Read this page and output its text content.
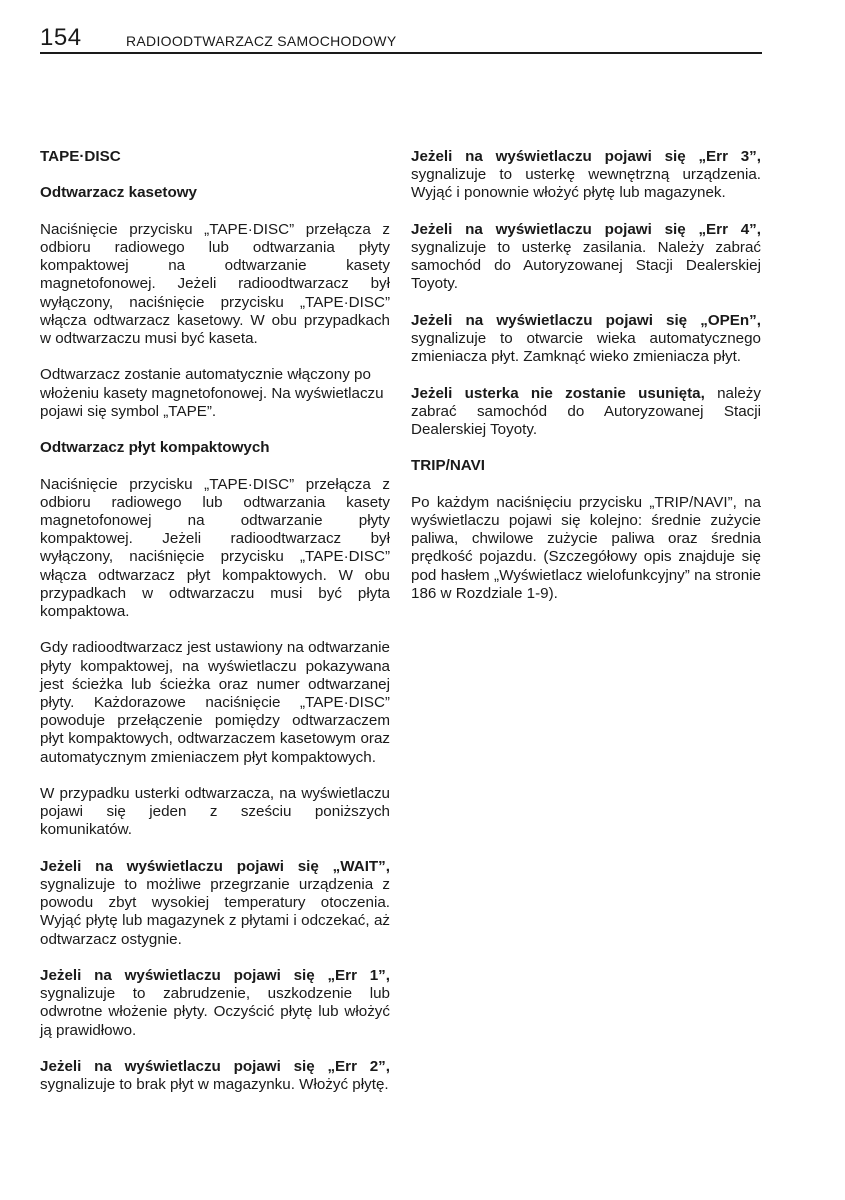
154	RADIOODTWARZACZ SAMOCHODOWY
TAPE·DISC
Odtwarzacz kasetowy

Naciśnięcie przycisku „TAPE·DISC” przełącza z odbioru radiowego lub odtwarzania płyty kompaktowej na odtwarzanie kasety magnetofonowej. Jeżeli radioodtwarzacz był wyłączony, naciśnięcie przycisku „TAPE·DISC” włącza odtwarzacz kasetowy. W obu przypadkach w odtwarzaczu musi być kaseta.

Odtwarzacz zostanie automatycznie włączony po włożeniu kasety magnetofonowej. Na wyświetlaczu pojawi się symbol „TAPE”.

Odtwarzacz płyt kompaktowych

Naciśnięcie przycisku „TAPE·DISC” przełącza z odbioru radiowego lub odtwarzania kasety magnetofonowej na odtwarzanie płyty kompaktowej. Jeżeli radioodtwarzacz był wyłączony, naciśnięcie przycisku „TAPE·DISC” włącza odtwarzacz płyt kompaktowych. W obu przypadkach w odtwarzaczu musi być płyta kompaktowa.

Gdy radioodtwarzacz jest ustawiony na odtwarzanie płyty kompaktowej, na wyświetlaczu pokazywana jest ścieżka lub ścieżka oraz numer odtwarzanej płyty. Każdorazowe naciśnięcie „TAPE·DISC” powoduje przełączenie pomiędzy odtwarzaczem płyt kompaktowych, odtwarzaczem kasetowym oraz automatycznym zmieniaczem płyt kompaktowych.

W przypadku usterki odtwarzacza, na wyświetlaczu pojawi się jeden z sześciu poniższych komunikatów.

Jeżeli na wyświetlaczu pojawi się „WAIT”, sygnalizuje to możliwe przegrzanie urządzenia z powodu zbyt wysokiej temperatury otoczenia. Wyjąć płytę lub magazynek z płytami i odczekać, aż odtwarzacz ostygnie.

Jeżeli na wyświetlaczu pojawi się „Err 1”, sygnalizuje to zabrudzenie, uszkodzenie lub odwrotne włożenie płyty. Oczyścić płytę lub włożyć ją prawidłowo.

Jeżeli na wyświetlaczu pojawi się „Err 2”, sygnalizuje to brak płyt w magazynku. Włożyć płytę.

Jeżeli na wyświetlaczu pojawi się „Err 3”, sygnalizuje to usterkę wewnętrzną urządzenia. Wyjąć i ponownie włożyć płytę lub magazynek.

Jeżeli na wyświetlaczu pojawi się „Err 4”, sygnalizuje to usterkę zasilania. Należy zabrać samochód do Autoryzowanej Stacji Dealerskiej Toyoty.

Jeżeli na wyświetlaczu pojawi się „OPEn”, sygnalizuje to otwarcie wieka automatycznego zmieniacza płyt. Zamknąć wieko zmieniacza płyt.

Jeżeli usterka nie zostanie usunięta, należy zabrać samochód do Autoryzowanej Stacji Dealerskiej Toyoty.

TRIP/NAVI

Po każdym naciśnięciu przycisku „TRIP/NAVI”, na wyświetlaczu pojawi się kolejno: średnie zużycie paliwa, chwilowe zużycie paliwa oraz średnia prędkość pojazdu. (Szczegółowy opis znajduje się pod hasłem „Wyświetlacz wielofunkcyjny” na stronie 186 w Rozdziale 1-9).
